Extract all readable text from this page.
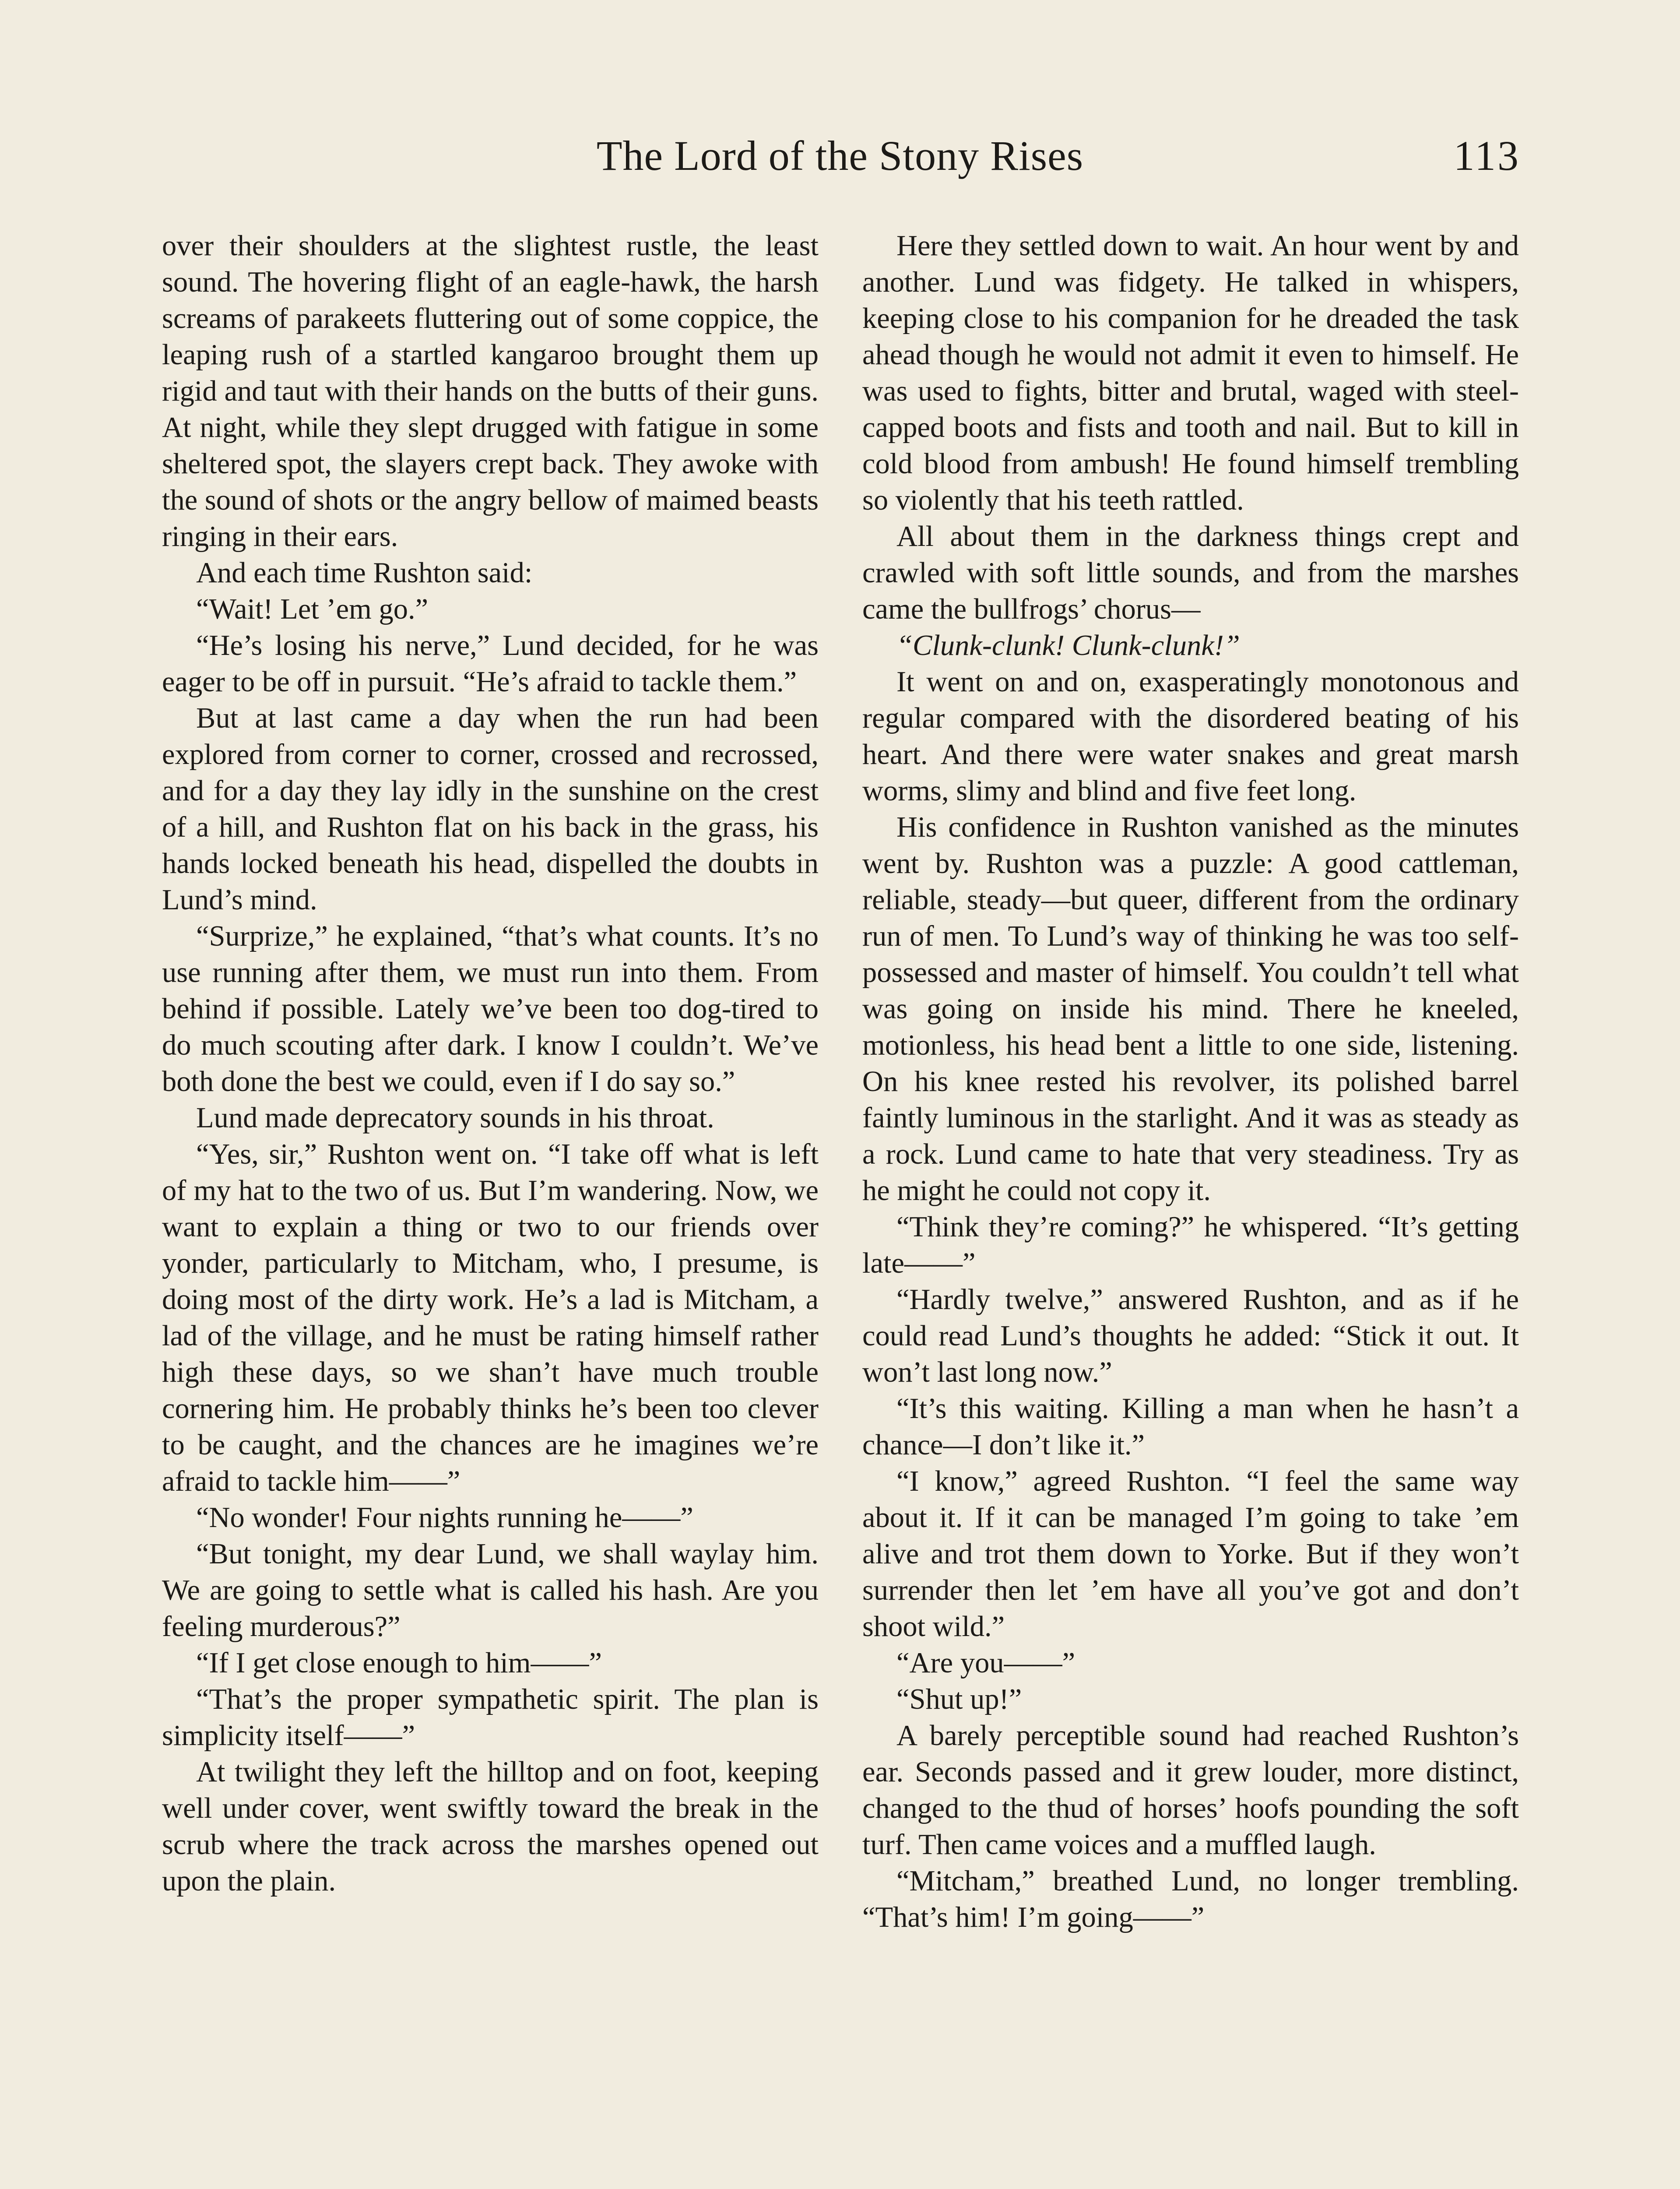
The Lord of the Stony Rises	113

over their shoulders at the slightest rustle, the least sound. The hovering flight of an eagle-hawk, the harsh screams of parakeets fluttering out of some coppice, the leaping rush of a startled kangaroo brought them up rigid and taut with their hands on the butts of their guns. At night, while they slept drugged with fatigue in some sheltered spot, the slayers crept back. They awoke with the sound of shots or the angry bellow of maimed beasts ringing in their ears.

And each time Rushton said:

“Wait! Let ’em go.”

“He’s losing his nerve,” Lund decided, for he was eager to be off in pursuit. “He’s afraid to tackle them.”

But at last came a day when the run had been explored from corner to corner, crossed and recrossed, and for a day they lay idly in the sunshine on the crest of a hill, and Rushton flat on his back in the grass, his hands locked beneath his head, dispelled the doubts in Lund’s mind.

“Surprize,” he explained, “that’s what counts. It’s no use running after them, we must run into them. From behind if possible. Lately we’ve been too dog-tired to do much scouting after dark. I know I couldn’t. We’ve both done the best we could, even if I do say so.”

Lund made deprecatory sounds in his throat.

“Yes, sir,” Rushton went on. “I take off what is left of my hat to the two of us. But I’m wandering. Now, we want to explain a thing or two to our friends over yonder, particularly to Mitcham, who, I presume, is doing most of the dirty work. He’s a lad is Mitcham, a lad of the village, and he must be rating himself rather high these days, so we shan’t have much trouble cornering him. He probably thinks he’s been too clever to be caught, and the chances are he imagines we’re afraid to tackle him——”

“No wonder! Four nights running he——”

“But tonight, my dear Lund, we shall waylay him. We are going to settle what is called his hash. Are you feeling murderous?”

“If I get close enough to him——”

“That’s the proper sympathetic spirit. The plan is simplicity itself——”

At twilight they left the hilltop and on foot, keeping well under cover, went swiftly toward the break in the scrub where the track across the marshes opened out upon the plain.

Here they settled down to wait. An hour went by and another. Lund was fidgety. He talked in whispers, keeping close to his companion for he dreaded the task ahead though he would not admit it even to himself. He was used to fights, bitter and brutal, waged with steel-capped boots and fists and tooth and nail. But to kill in cold blood from ambush! He found himself trembling so violently that his teeth rattled.

All about them in the darkness things crept and crawled with soft little sounds, and from the marshes came the bullfrogs’ chorus—

“Clunk-clunk! Clunk-clunk!”

It went on and on, exasperatingly monotonous and regular compared with the disordered beating of his heart. And there were water snakes and great marsh worms, slimy and blind and five feet long.

His confidence in Rushton vanished as the minutes went by. Rushton was a puzzle: A good cattleman, reliable, steady—but queer, different from the ordinary run of men. To Lund’s way of thinking he was too self-possessed and master of himself. You couldn’t tell what was going on inside his mind. There he kneeled, motionless, his head bent a little to one side, listening. On his knee rested his revolver, its polished barrel faintly luminous in the starlight. And it was as steady as a rock. Lund came to hate that very steadiness. Try as he might he could not copy it.

“Think they’re coming?” he whispered. “It’s getting late——”

“Hardly twelve,” answered Rushton, and as if he could read Lund’s thoughts he added: “Stick it out. It won’t last long now.”

“It’s this waiting. Killing a man when he hasn’t a chance—I don’t like it.”

“I know,” agreed Rushton. “I feel the same way about it. If it can be managed I’m going to take ’em alive and trot them down to Yorke. But if they won’t surrender then let ’em have all you’ve got and don’t shoot wild.”

“Are you——”

“Shut up!”

A barely perceptible sound had reached Rushton’s ear. Seconds passed and it grew louder, more distinct, changed to the thud of horses’ hoofs pounding the soft turf. Then came voices and a muffled laugh.

“Mitcham,” breathed Lund, no longer trembling. “That’s him! I’m going——”
